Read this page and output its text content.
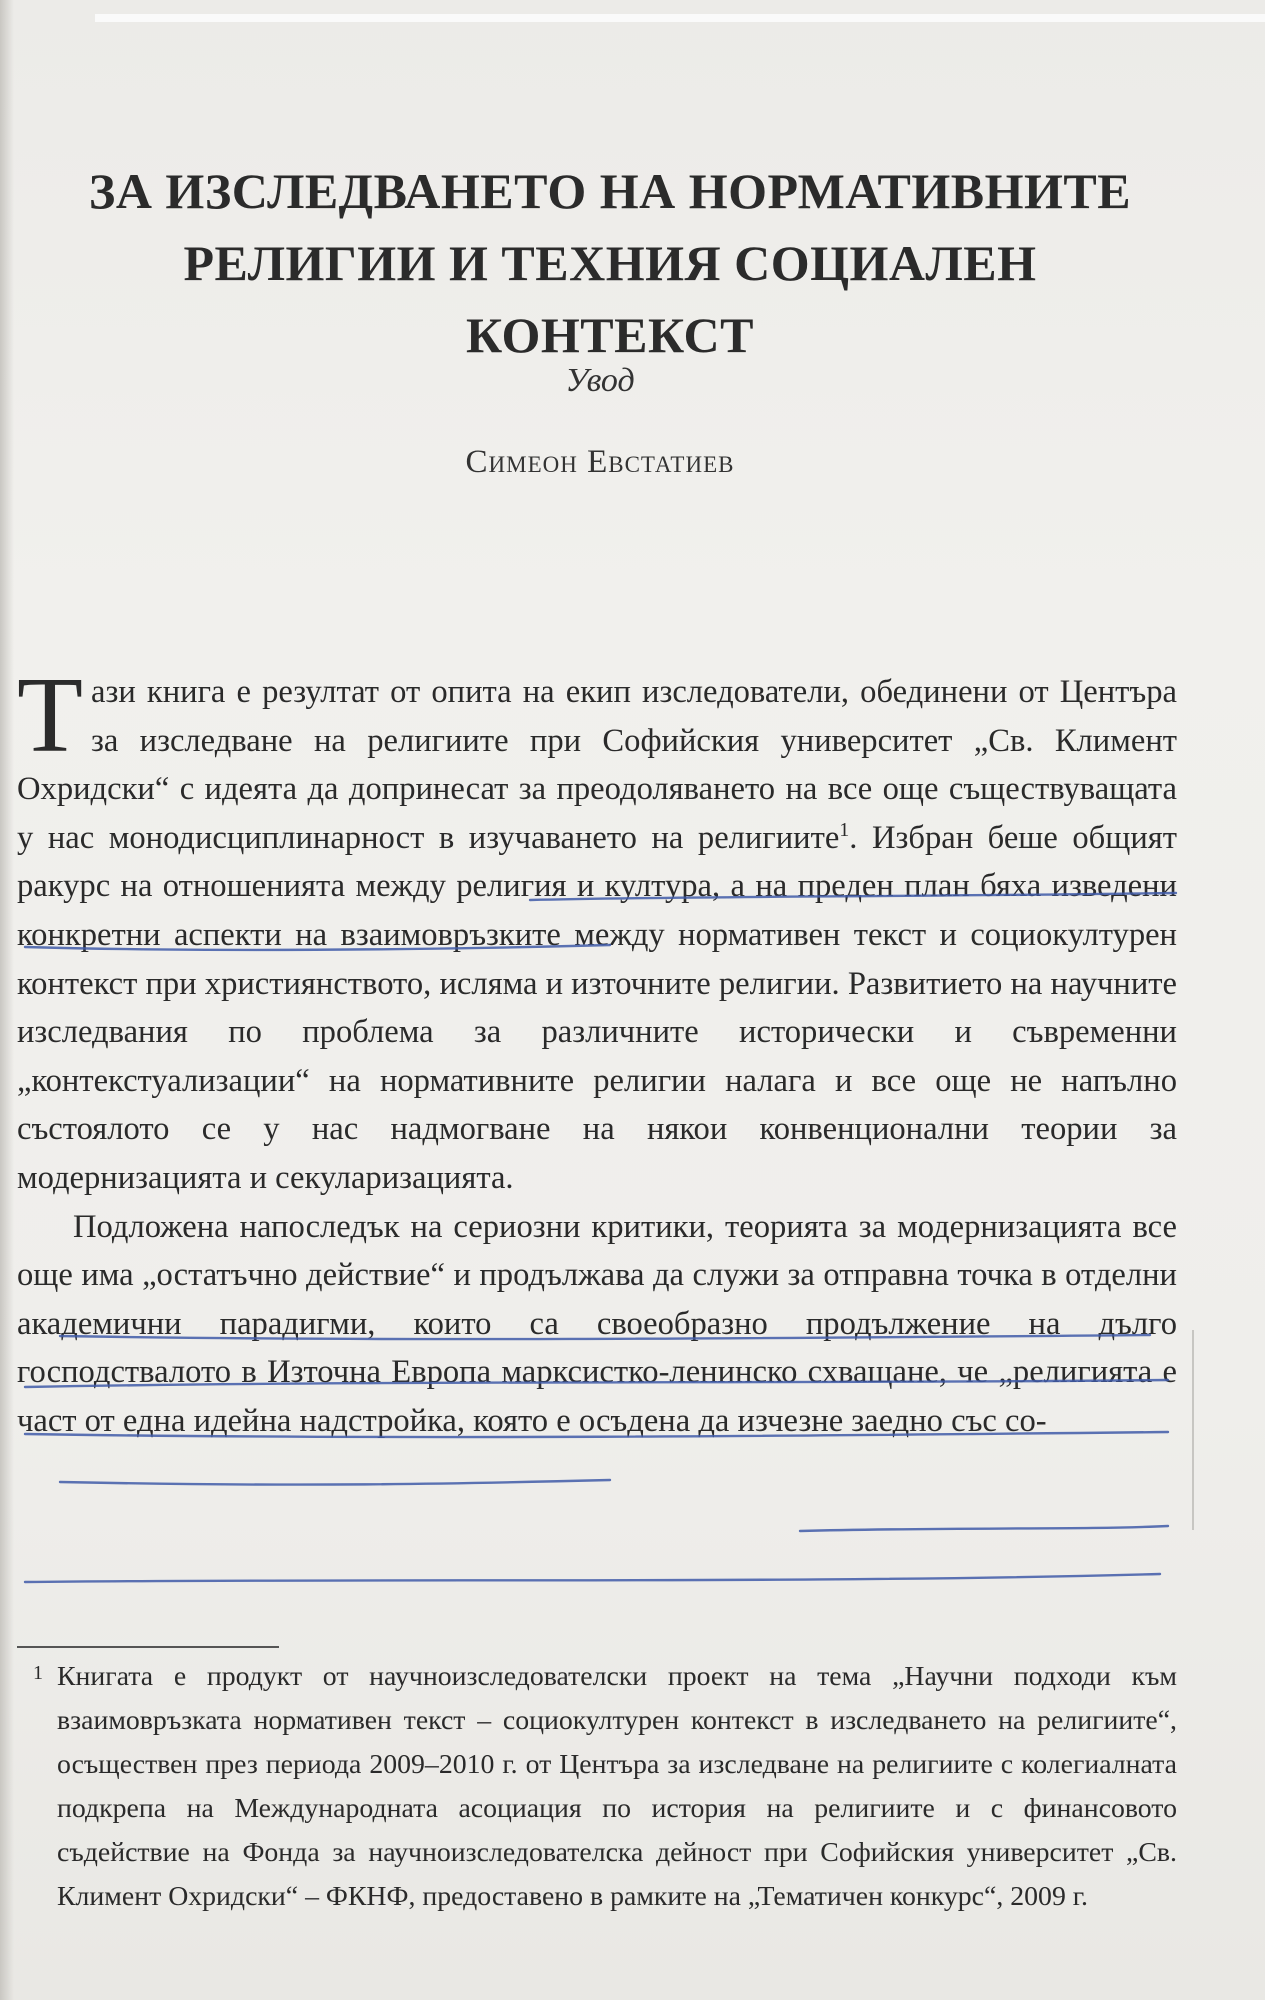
ЗА ИЗСЛЕДВАНЕТО НА НОРМАТИВНИТЕ
РЕЛИГИИ И ТЕХНИЯ СОЦИАЛЕН КОНТЕКСТ
Увод
Симеон Евстатиев

Тази книга е резултат от опита на екип изследователи, обединени от Центъра за изследване на религиите при Софийския университет „Св. Климент Охридски“ с идеята да допринесат за преодоляването на все още съществуващата у нас монодисциплинарност в изучаването на религиите$^1$. Избран беше общият ракурс на отношенията между религия и култура, а на преден план бяха изведени конкретни аспекти на взаимовръзките между нормативен текст и социокултурен контекст при християнството, исляма и източните религии. Развитието на научните изследвания по проблема за различните исторически и съвременни „контекстуализации“ на нормативните религии налага и все още не напълно състоялото се у нас надмогване на някои конвенционални теории за модернизацията и секуларизацията.

Подложена напоследък на сериозни критики, теорията за модернизацията все още има „остатъчно действие“ и продължава да служи за отправна точка в отделни академични парадигми, които са своеобразно продължение на дълго господствалото в Източна Европа марксистко-ленинско схващане, че „религията е част от една идейна надстройка, която е осъдена да изчезне заедно със со-

1 Книгата е продукт от научноизследователски проект на тема „Научни подходи към взаимовръзката нормативен текст – социокултурен контекст в изследването на религиите“, осъществен през периода 2009–2010 г. от Центъра за изследване на религиите с колегиалната подкрепа на Международната асоциация по история на религиите и с финансовото съдействие на Фонда за научноизследователска дейност при Софийския университет „Св. Климент Охридски“ – ФКНФ, предоставено в рамките на „Тематичен конкурс“, 2009 г.
